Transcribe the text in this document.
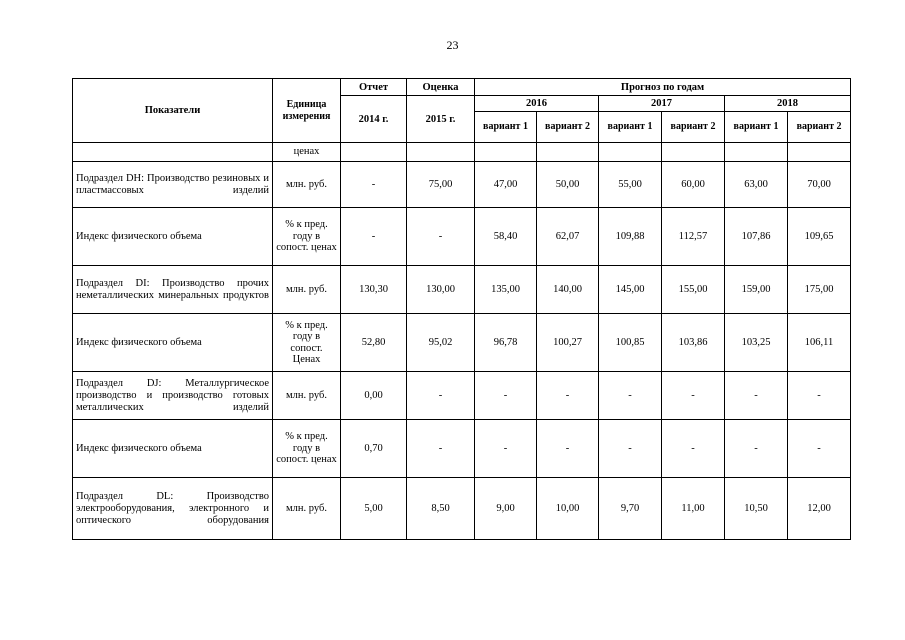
23
Показатели	Единица измерения	Отчет	Оценка	Прогноз по годам					
		2014 г.	2015 г.	2016		2017		2018	
				вариант 1	вариант 2	вариант 1	вариант 2	вариант 1	вариант 2
	ценах								
Подраздел DH: Производство резиновых и пластмассовых изделий	млн. руб.	-	75,00	47,00	50,00	55,00	60,00	63,00	70,00
Индекс физического объема	% к пред. году в сопост. ценах	-	-	58,40	62,07	109,88	112,57	107,86	109,65
Подраздел DI: Производство прочих неметаллических минеральных продуктов	млн. руб.	130,30	130,00	135,00	140,00	145,00	155,00	159,00	175,00
Индекс физического объема	% к пред. году в сопост. Ценах	52,80	95,02	96,78	100,27	100,85	103,86	103,25	106,11
Подраздел DJ: Металлургическое производство и производство готовых металлических изделий	млн. руб.	0,00	-	-	-	-	-	-	-
Индекс физического объема	% к пред. году в сопост. ценах	0,70	-	-	-	-	-	-	-
Подраздел DL: Производство электрооборудования, электронного и оптического оборудования	млн. руб.	5,00	8,50	9,00	10,00	9,70	11,00	10,50	12,00
